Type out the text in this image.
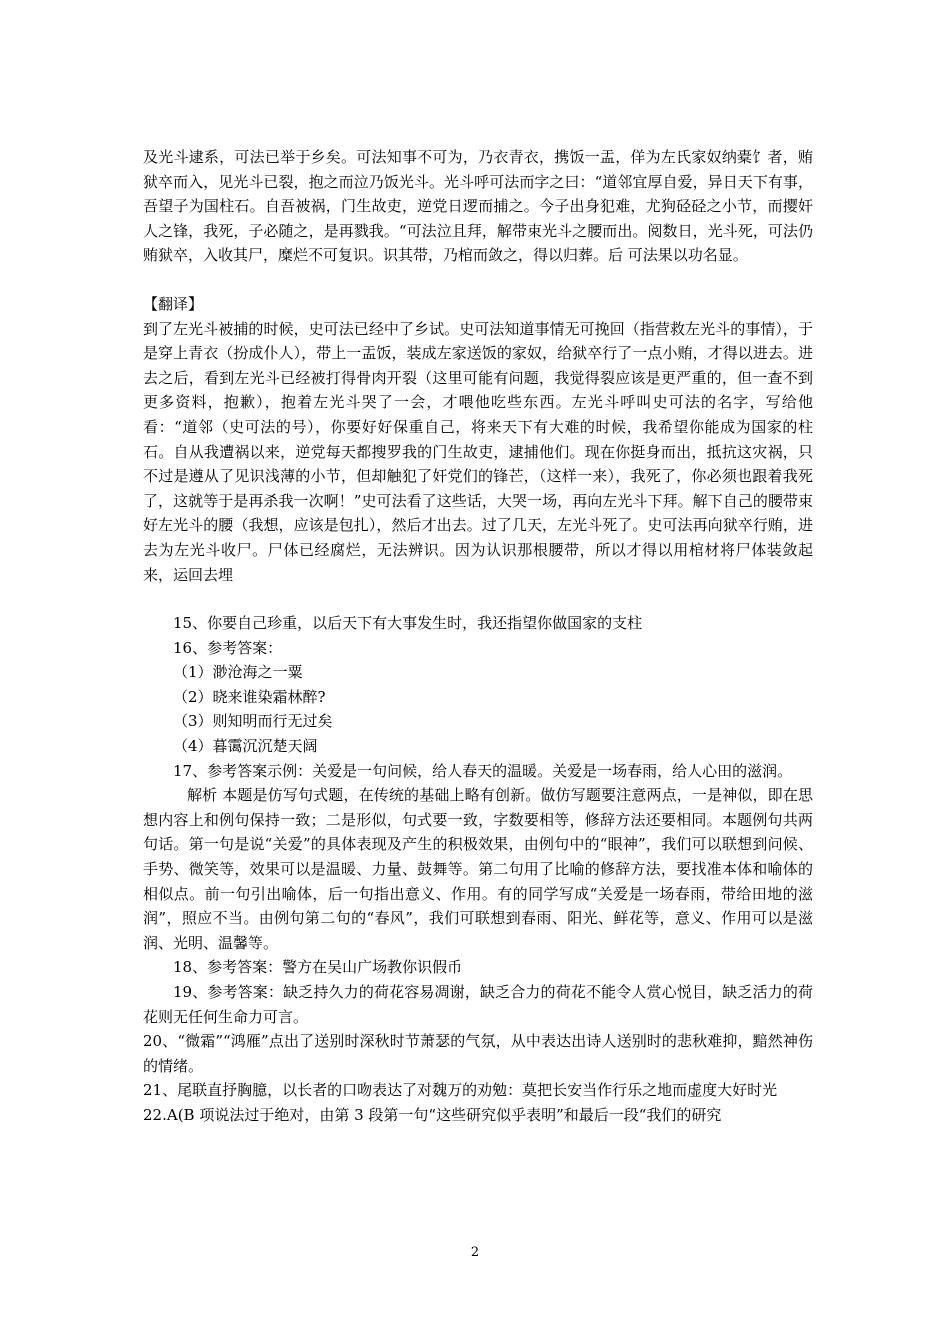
及光斗逮系，可法已举于乡矣。可法知事不可为，乃衣青衣，携饭一盂，佯为左氏家奴纳橐饣者，贿狱卒而入，见光斗已裂，抱之而泣乃饭光斗。光斗呼可法而字之曰：“道邻宜厚自爱，异日天下有事，吾望子为国柱石。自吾被祸，门生故吏，逆党日逻而捕之。今子出身犯难，尤狗硁硁之小节，而撄奸人之锋，我死，子必随之，是再戮我。“可法泣且拜，解带束光斗之腰而出。阅数日，光斗死，可法仍贿狱卒，入收其尸，糜烂不可复识。识其带，乃棺而敛之，得以归葬。后 可法果以功名显。

【翻译】

到了左光斗被捕的时候，史可法已经中了乡试。史可法知道事情无可挽回（指营救左光斗的事情），于是穿上青衣（扮成仆人），带上一盂饭，装成左家送饭的家奴，给狱卒行了一点小贿，才得以进去。进去之后，看到左光斗已经被打得骨肉开裂（这里可能有问题，我觉得裂应该是更严重的，但一查不到更多资料，抱歉），抱着左光斗哭了一会，才喂他吃些东西。左光斗呼叫史可法的名字，写给他看：“道邻（史可法的号），你要好好保重自己，将来天下有大难的时候，我希望你能成为国家的柱石。自从我遭祸以来，逆党每天都搜罗我的门生故吏，逮捕他们。现在你挺身而出，抵抗这灾祸，只不过是遵从了见识浅薄的小节，但却触犯了奸党们的锋芒，（这样一来），我死了，你必须也跟着我死了，这就等于是再杀我一次啊！”史可法看了这些话，大哭一场，再向左光斗下拜。解下自己的腰带束好左光斗的腰（我想，应该是包扎），然后才出去。过了几天，左光斗死了。史可法再向狱卒行贿，进去为左光斗收尸。尸体已经腐烂，无法辨识。因为认识那根腰带，所以才得以用棺材将尸体装敛起来，运回去埋

15、你要自己珍重，以后天下有大事发生时，我还指望你做国家的支柱

16、参考答案：

（1）渺沧海之一粟

（2）晓来谁染霜林醉?

（3）则知明而行无过矣

（4）暮霭沉沉楚天阔

17、参考答案示例：关爱是一句问候，给人春天的温暖。关爱是一场春雨，给人心田的滋润。

解析 本题是仿写句式题，在传统的基础上略有创新。做仿写题要注意两点，一是神似，即在思想内容上和例句保持一致；二是形似，句式要一致，字数要相等，修辞方法还要相同。本题例句共两句话。第一句是说“关爱”的具体表现及产生的积极效果，由例句中的“眼神”，我们可以联想到问候、手势、微笑等，效果可以是温暖、力量、鼓舞等。第二句用了比喻的修辞方法，要找准本体和喻体的相似点。前一句引出喻体，后一句指出意义、作用。有的同学写成“关爱是一场春雨，带给田地的滋润”，照应不当。由例句第二句的“春风”，我们可联想到春雨、阳光、鲜花等，意义、作用可以是滋润、光明、温馨等。

18、参考答案：警方在吴山广场教你识假币

19、参考答案：缺乏持久力的荷花容易凋谢，缺乏合力的荷花不能令人赏心悦目，缺乏活力的荷花则无任何生命力可言。

20、“微霜”“鸿雁”点出了送别时深秋时节萧瑟的气氛，从中表达出诗人送别时的悲秋难抑，黯然神伤的情绪。

21、尾联直抒胸臆，以长者的口吻表达了对魏万的劝勉：莫把长安当作行乐之地而虚度大好时光

22.A(B 项说法过于绝对，由第 3 段第一句“这些研究似乎表明”和最后一段“我们的研究

2
